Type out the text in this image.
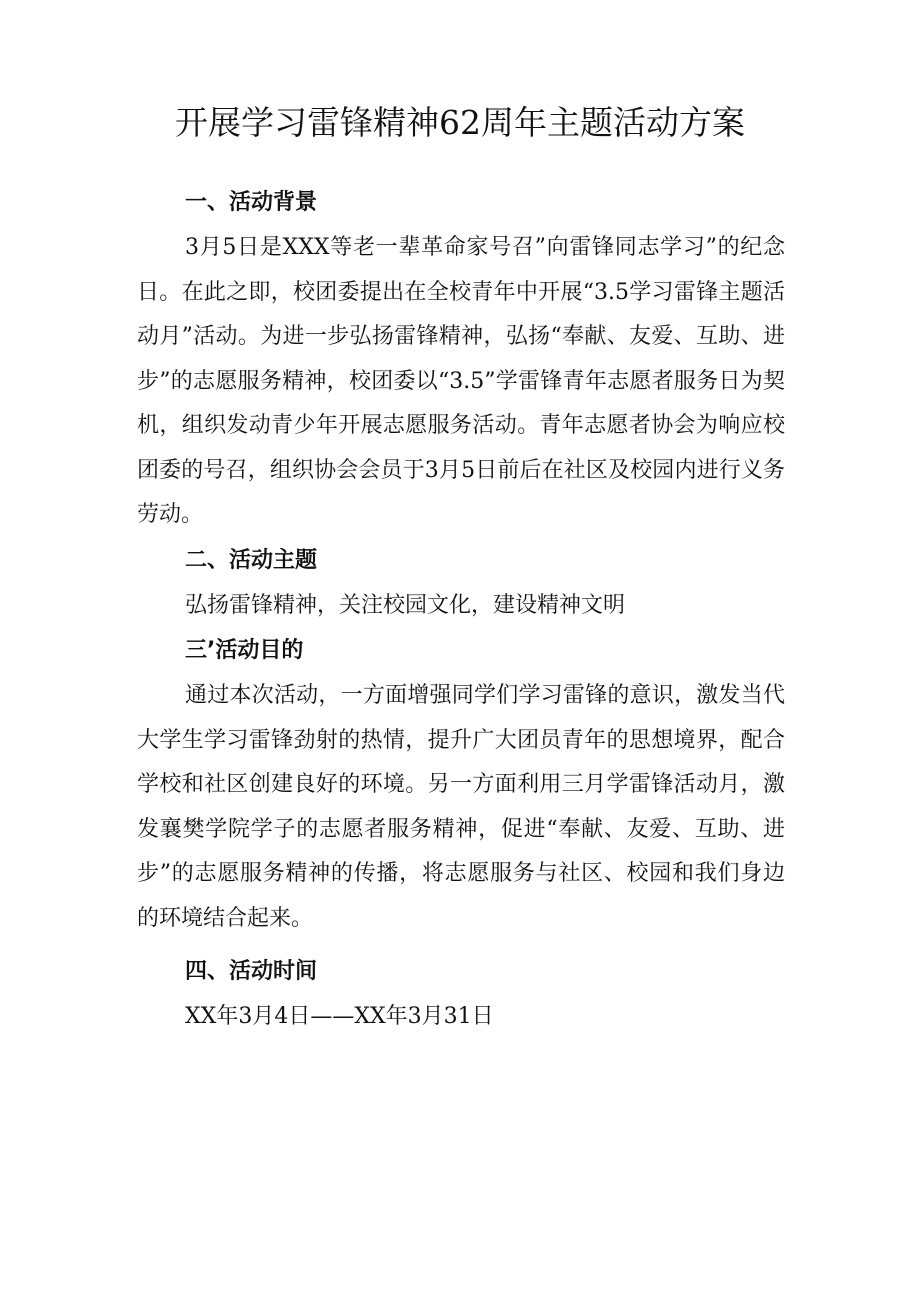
开展学习雷锋精神62周年主题活动方案
一、活动背景

3月5日是XXX等老一辈革命家号召”向雷锋同志学习”的纪念日。在此之即，校团委提出在全校青年中开展“3.5学习雷锋主题活动月”活动。为进一步弘扬雷锋精神，弘扬“奉献、友爱、互助、进步”的志愿服务精神，校团委以“3.5”学雷锋青年志愿者服务日为契机，组织发动青少年开展志愿服务活动。青年志愿者协会为响应校团委的号召，组织协会会员于3月5日前后在社区及校园内进行义务劳动。

二、活动主题

弘扬雷锋精神，关注校园文化，建设精神文明

三’活动目的

通过本次活动，一方面增强同学们学习雷锋的意识，激发当代大学生学习雷锋劲射的热情，提升广大团员青年的思想境界，配合学校和社区创建良好的环境。另一方面利用三月学雷锋活动月，激发襄樊学院学子的志愿者服务精神，促进“奉献、友爱、互助、进步”的志愿服务精神的传播，将志愿服务与社区、校园和我们身边的环境结合起来。

四、活动时间

XX年3月4日——XX年3月31日
